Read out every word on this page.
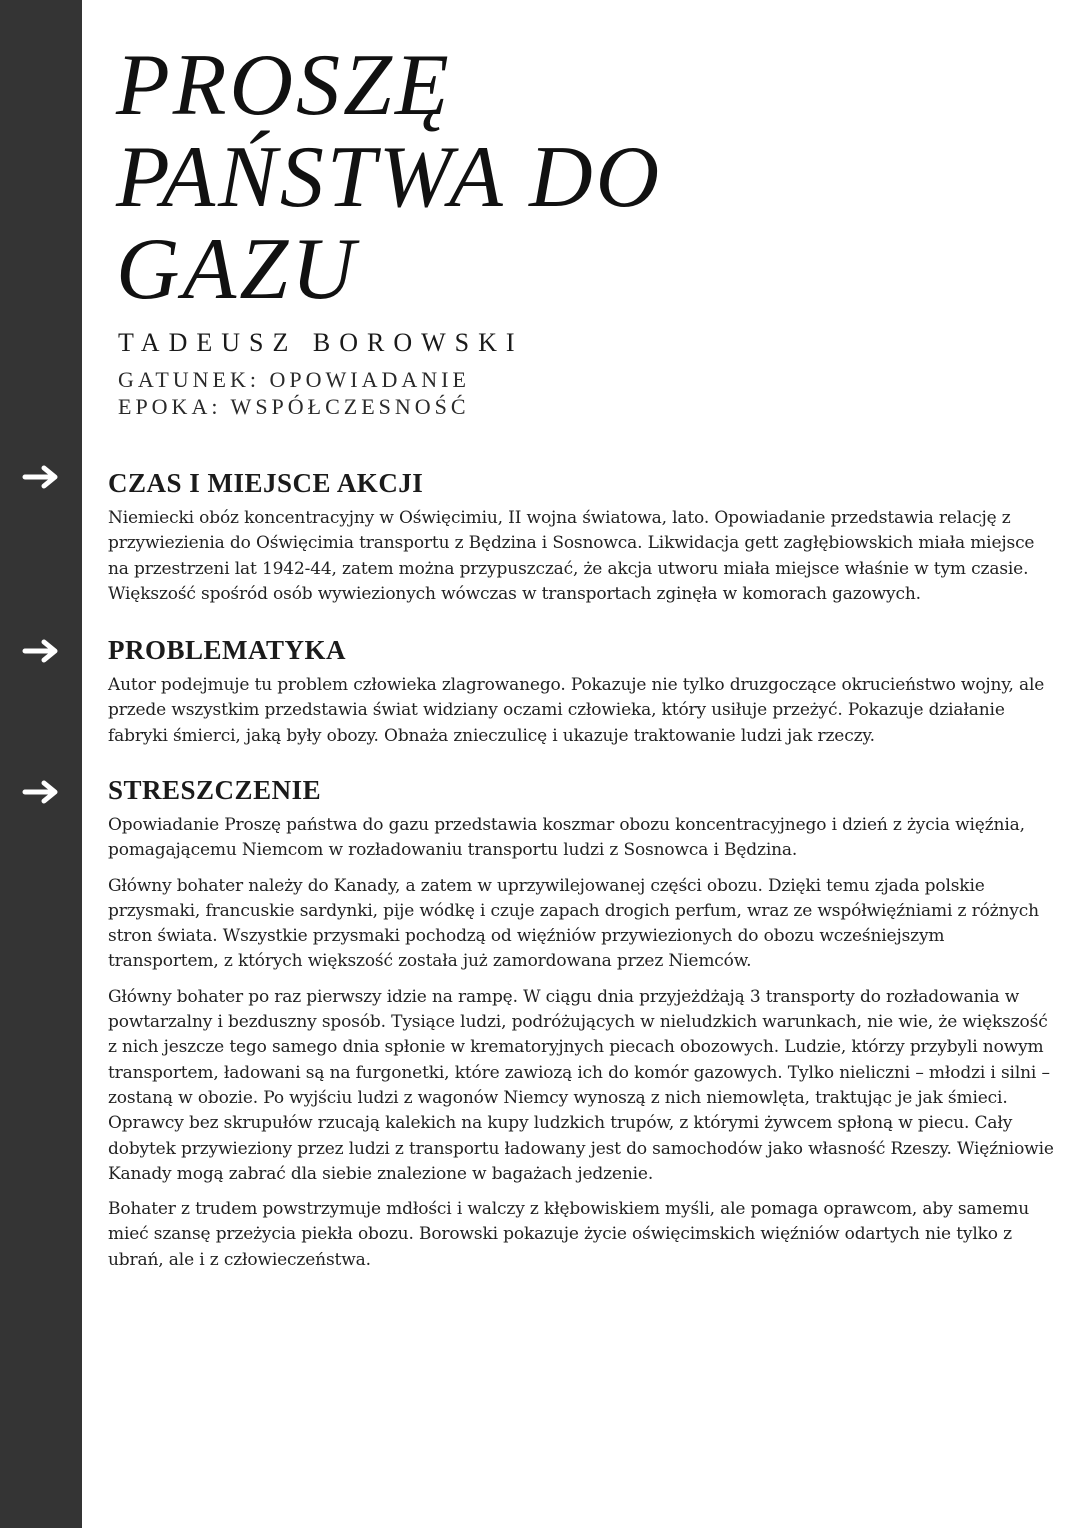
PROSZĘ
PAŃSTWA DO
GAZU
TADEUSZ BOROWSKI
GATUNEK: OPOWIADANIE
EPOKA: WSPÓŁCZESNOŚĆ
CZAS I MIEJSCE AKCJI

Niemiecki obóz koncentracyjny w Oświęcimiu, II wojna światowa, lato. Opowiadanie przedstawia relację z przywiezienia do Oświęcimia transportu z Będzina i Sosnowca. Likwidacja gett zagłębiowskich miała miejsce na przestrzeni lat 1942-44, zatem można przypuszczać, że akcja utworu miała miejsce właśnie w tym czasie. Większość spośród osób wywiezionych wówczas w transportach zginęła w komorach gazowych.

PROBLEMATYKA

Autor podejmuje tu problem człowieka zlagrowanego. Pokazuje nie tylko druzgoczące okrucieństwo wojny, ale przede wszystkim przedstawia świat widziany oczami człowieka, który usiłuje przeżyć. Pokazuje działanie fabryki śmierci, jaką były obozy. Obnaża znieczulicę i ukazuje traktowanie ludzi jak rzeczy.

STRESZCZENIE

Opowiadanie Proszę państwa do gazu przedstawia koszmar obozu koncentracyjnego i dzień z życia więźnia, pomagającemu Niemcom w rozładowaniu transportu ludzi z Sosnowca i Będzina.

Główny bohater należy do Kanady, a zatem w uprzywilejowanej części obozu. Dzięki temu zjada polskie przysmaki, francuskie sardynki, pije wódkę i czuje zapach drogich perfum, wraz ze współwięźniami z różnych stron świata. Wszystkie przysmaki pochodzą od więźniów przywiezionych do obozu wcześniejszym transportem, z których większość została już zamordowana przez Niemców.

Główny bohater po raz pierwszy idzie na rampę. W ciągu dnia przyjeżdżają 3 transporty do rozładowania w powtarzalny i bezduszny sposób. Tysiące ludzi, podróżujących w nieludzkich warunkach, nie wie, że większość z nich jeszcze tego samego dnia spłonie w krematoryjnych piecach obozowych. Ludzie, którzy przybyli nowym transportem, ładowani są na furgonetki, które zawiozą ich do komór gazowych. Tylko nieliczni – młodzi i silni – zostaną w obozie. Po wyjściu ludzi z wagonów Niemcy wynoszą z nich niemowlęta, traktując je jak śmieci. Oprawcy bez skrupułów rzucają kalekich na kupy ludzkich trupów, z którymi żywcem spłoną w piecu. Cały dobytek przywieziony przez ludzi z transportu ładowany jest do samochodów jako własność Rzeszy. Więźniowie Kanady mogą zabrać dla siebie znalezione w bagażach jedzenie.

Bohater z trudem powstrzymuje mdłości i walczy z kłębowiskiem myśli, ale pomaga oprawcom, aby samemu mieć szansę przeżycia piekła obozu. Borowski pokazuje życie oświęcimskich więźniów odartych nie tylko z ubrań, ale i z człowieczeństwa.
